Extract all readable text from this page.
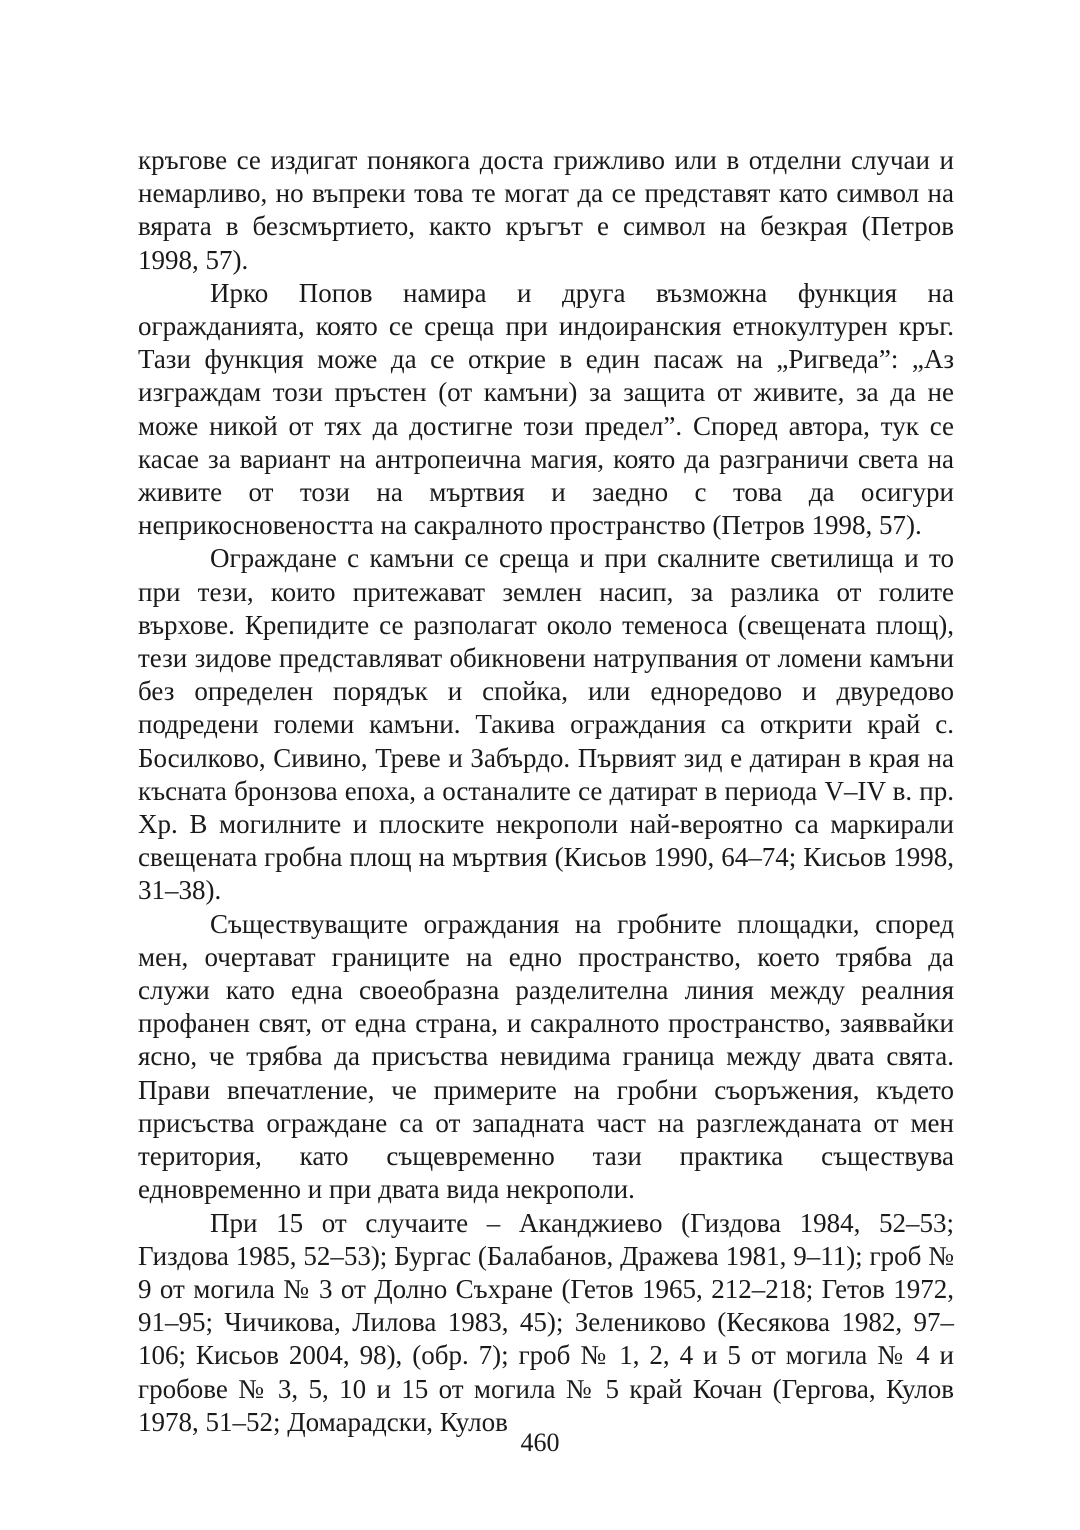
кръгове се издигат понякога доста грижливо или в отделни случаи и немарливо, но въпреки това те могат да се представят като символ на вярата в безсмъртието, както кръгът е символ на безкрая (Петров 1998, 57).

Ирко Попов намира и друга възможна функция на огражданията, която се среща при индоиранския етнокултурен кръг. Тази функция може да се открие в един пасаж на „Ригведа”: „Аз изграждам този пръстен (от камъни) за защита от живите, за да не може никой от тях да достигне този предел”. Според автора, тук се касае за вариант на антропеична магия, която да разграничи света на живите от този на мъртвия и заедно с това да осигури неприкосновеността на сакралното пространство (Петров 1998, 57).

Ограждане с камъни се среща и при скалните светилища и то при тези, които притежават землен насип, за разлика от голите върхове. Крепидите се разполагат около теменоса (свещената площ), тези зидове представляват обикновени натрупвания от ломени камъни без определен порядък и спойка, или едноредово и двуредово подредени големи камъни. Такива ограждания са открити край с. Босилково, Сивино, Треве и Забърдо. Първият зид е датиран в края на късната бронзова епоха, а останалите се датират в периода V–IV в. пр. Хр. В могилните и плоските некрополи най-вероятно са маркирали свещената гробна площ на мъртвия (Кисьов 1990, 64–74; Кисьов 1998, 31–38).

Съществуващите ограждания на гробните площадки, според мен, очертават границите на едно пространство, което трябва да служи като една своеобразна разделителна линия между реалния профанен свят, от една страна, и сакралното пространство, заяввайки ясно, че трябва да присъства невидима граница между двата свята. Прави впечатление, че примерите на гробни съоръжения, където присъства ограждане са от западната част на разглежданата от мен територия, като същевременно тази практика съществува едновременно и при двата вида некрополи.

При 15 от случаите – Аканджиево (Гиздова 1984, 52–53; Гиздова 1985, 52–53); Бургас (Балабанов, Дражева 1981, 9–11); гроб № 9 от могила № 3 от Долно Съхране (Гетов 1965, 212–218; Гетов 1972, 91–95; Чичикова, Лилова 1983, 45); Зелениково (Кесякова 1982, 97–106; Кисьов 2004, 98), (обр. 7); гроб № 1, 2, 4 и 5 от могила № 4 и гробове № 3, 5, 10 и 15 от могила № 5 край Кочан (Гергова, Кулов 1978, 51–52; Домарадски, Кулов

460
